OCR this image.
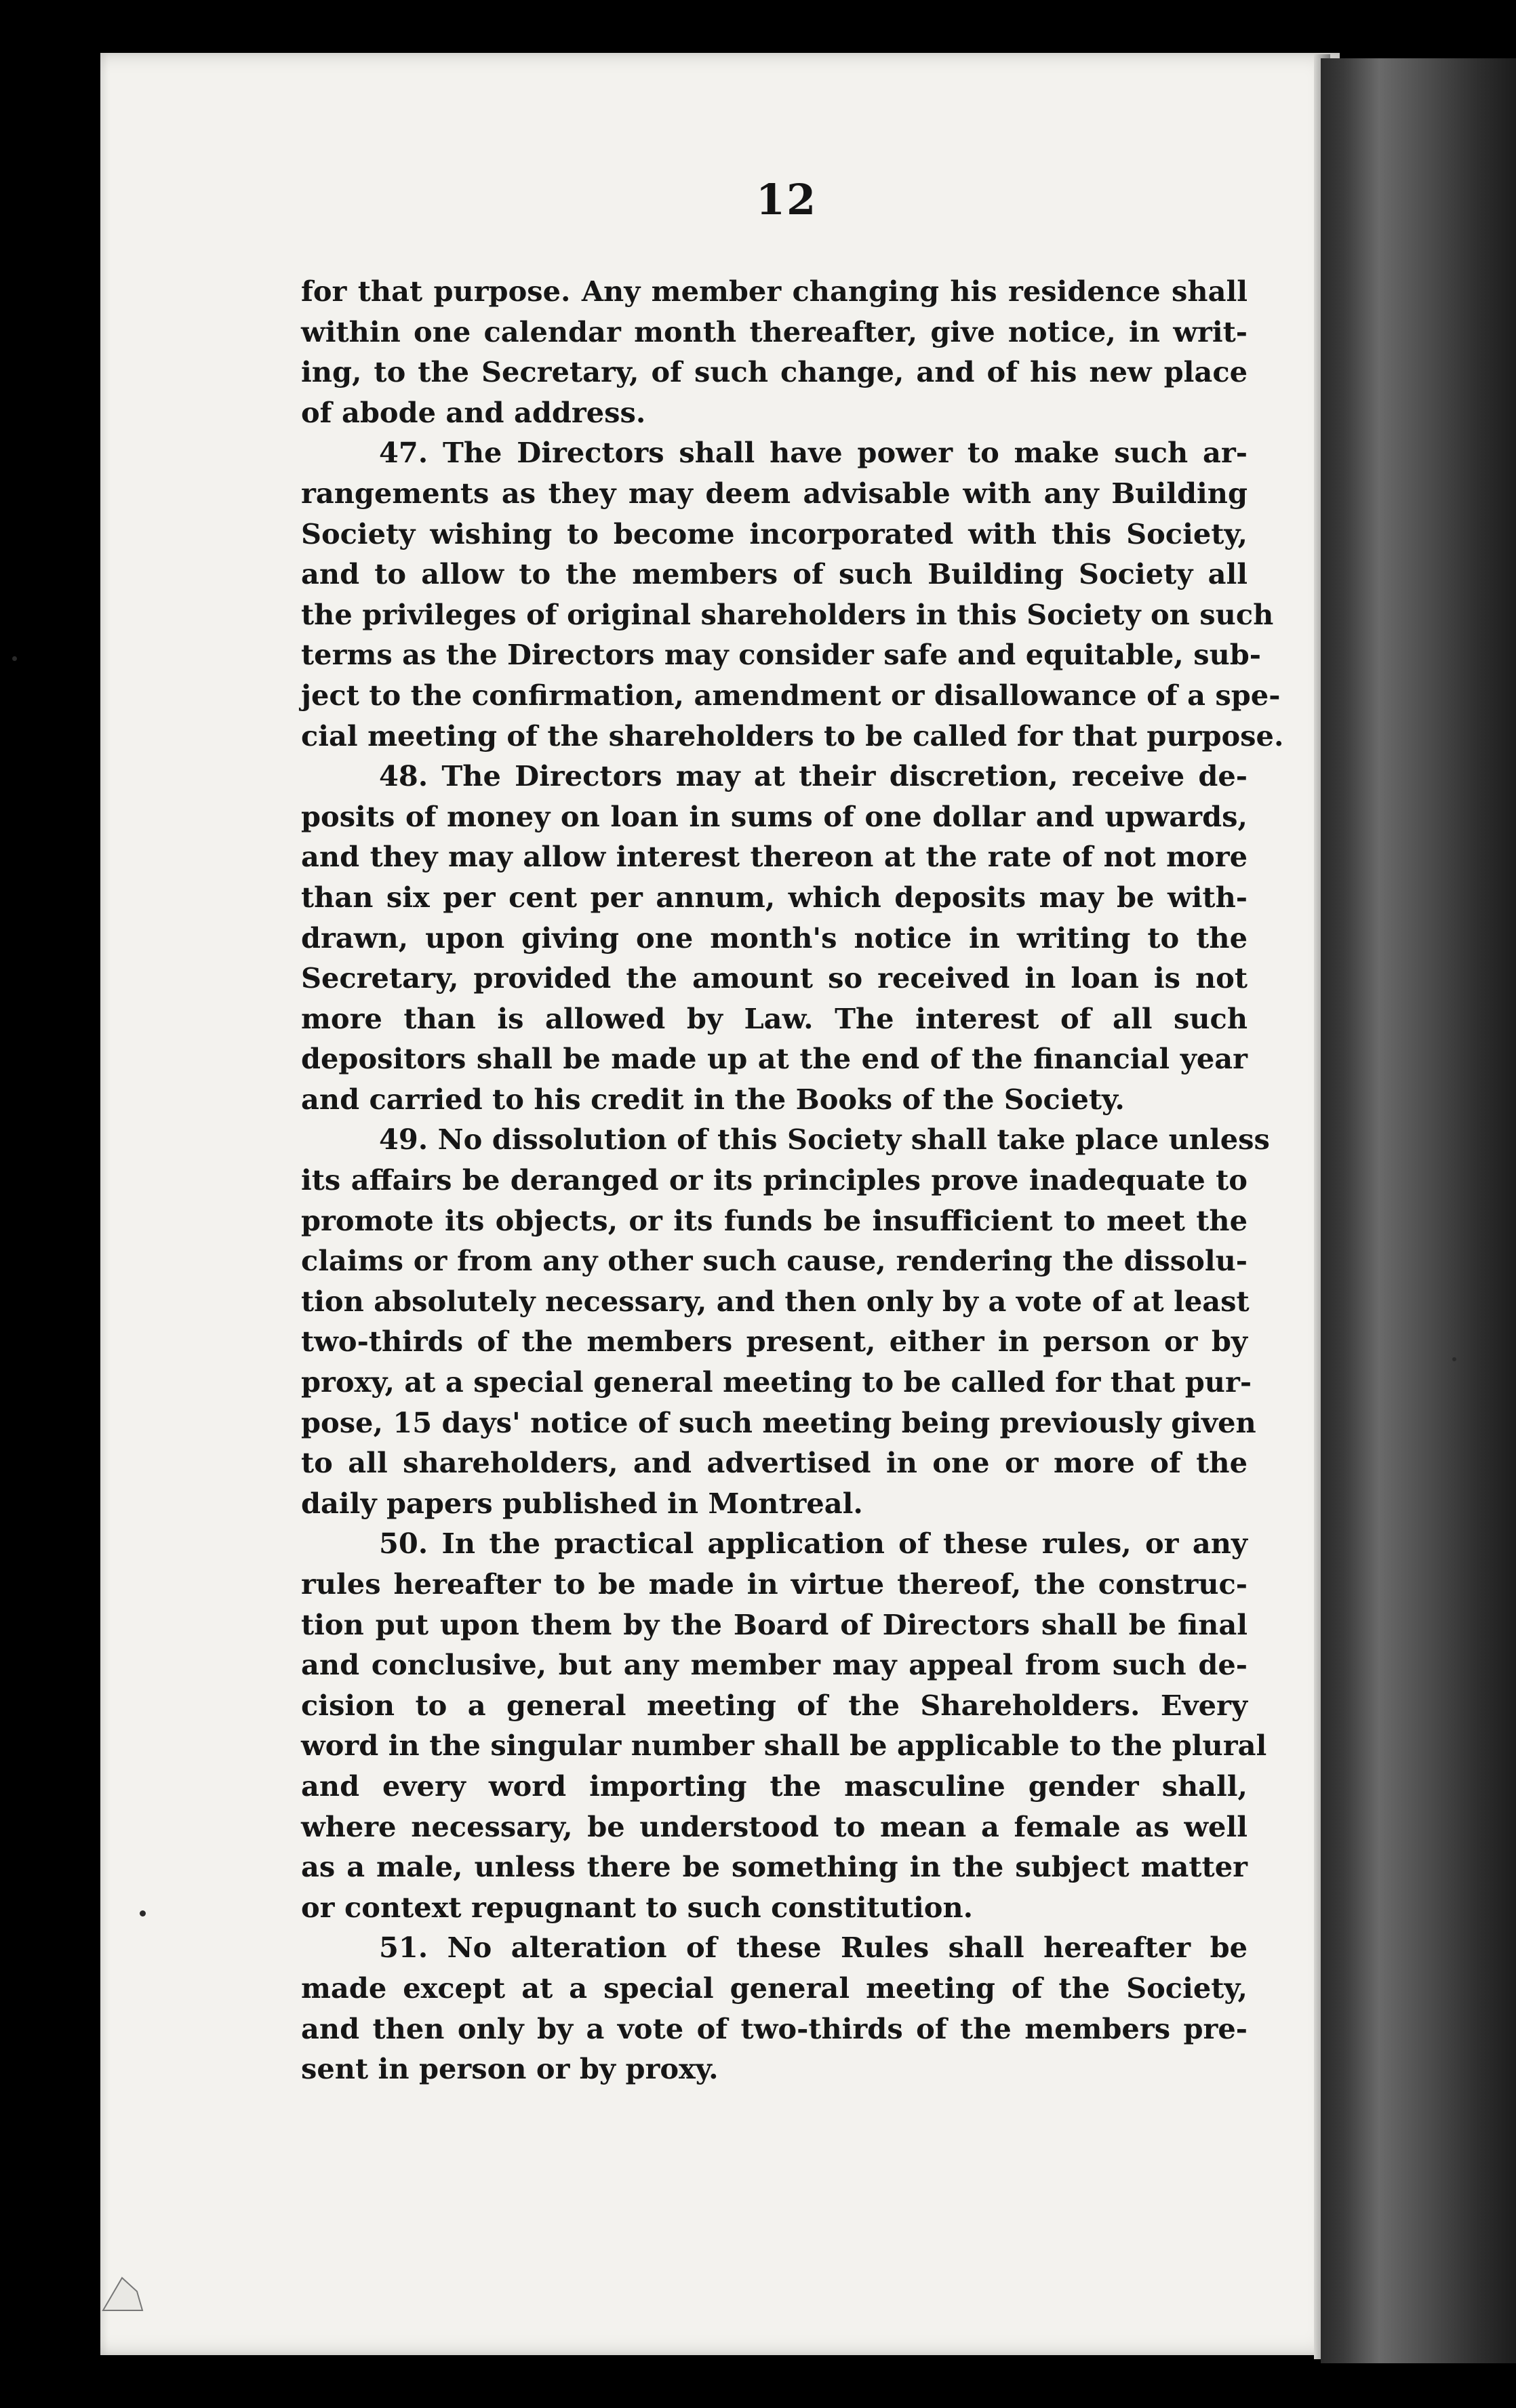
12
for that purpose. Any member changing his residence shall
within one calendar month thereafter, give notice, in writ-
ing, to the Secretary, of such change, and of his new place
of abode and address.
47. The Directors shall have power to make such ar-
rangements as they may deem advisable with any Building
Society wishing to become incorporated with this Society,
and to allow to the members of such Building Society all
the privileges of original shareholders in this Society on such
terms as the Directors may consider safe and equitable, sub-
ject to the confirmation, amendment or disallowance of a spe-
cial meeting of the shareholders to be called for that purpose.
48. The Directors may at their discretion, receive de-
posits of money on loan in sums of one dollar and upwards,
and they may allow interest thereon at the rate of not more
than six per cent per annum, which deposits may be with-
drawn, upon giving one month's notice in writing to the
Secretary, provided the amount so received in loan is not
more than is allowed by Law. The interest of all such
depositors shall be made up at the end of the financial year
and carried to his credit in the Books of the Society.
49. No dissolution of this Society shall take place unless
its affairs be deranged or its principles prove inadequate to
promote its objects, or its funds be insufficient to meet the
claims or from any other such cause, rendering the dissolu-
tion absolutely necessary, and then only by a vote of at least
two-thirds of the members present, either in person or by
proxy, at a special general meeting to be called for that pur-
pose, 15 days' notice of such meeting being previously given
to all shareholders, and advertised in one or more of the
daily papers published in Montreal.
50. In the practical application of these rules, or any
rules hereafter to be made in virtue thereof, the construc-
tion put upon them by the Board of Directors shall be final
and conclusive, but any member may appeal from such de-
cision to a general meeting of the Shareholders. Every
word in the singular number shall be applicable to the plural
and every word importing the masculine gender shall,
where necessary, be understood to mean a female as well
as a male, unless there be something in the subject matter
or context repugnant to such constitution.
51. No alteration of these Rules shall hereafter be
made except at a special general meeting of the Society,
and then only by a vote of two-thirds of the members pre-
sent in person or by proxy.
